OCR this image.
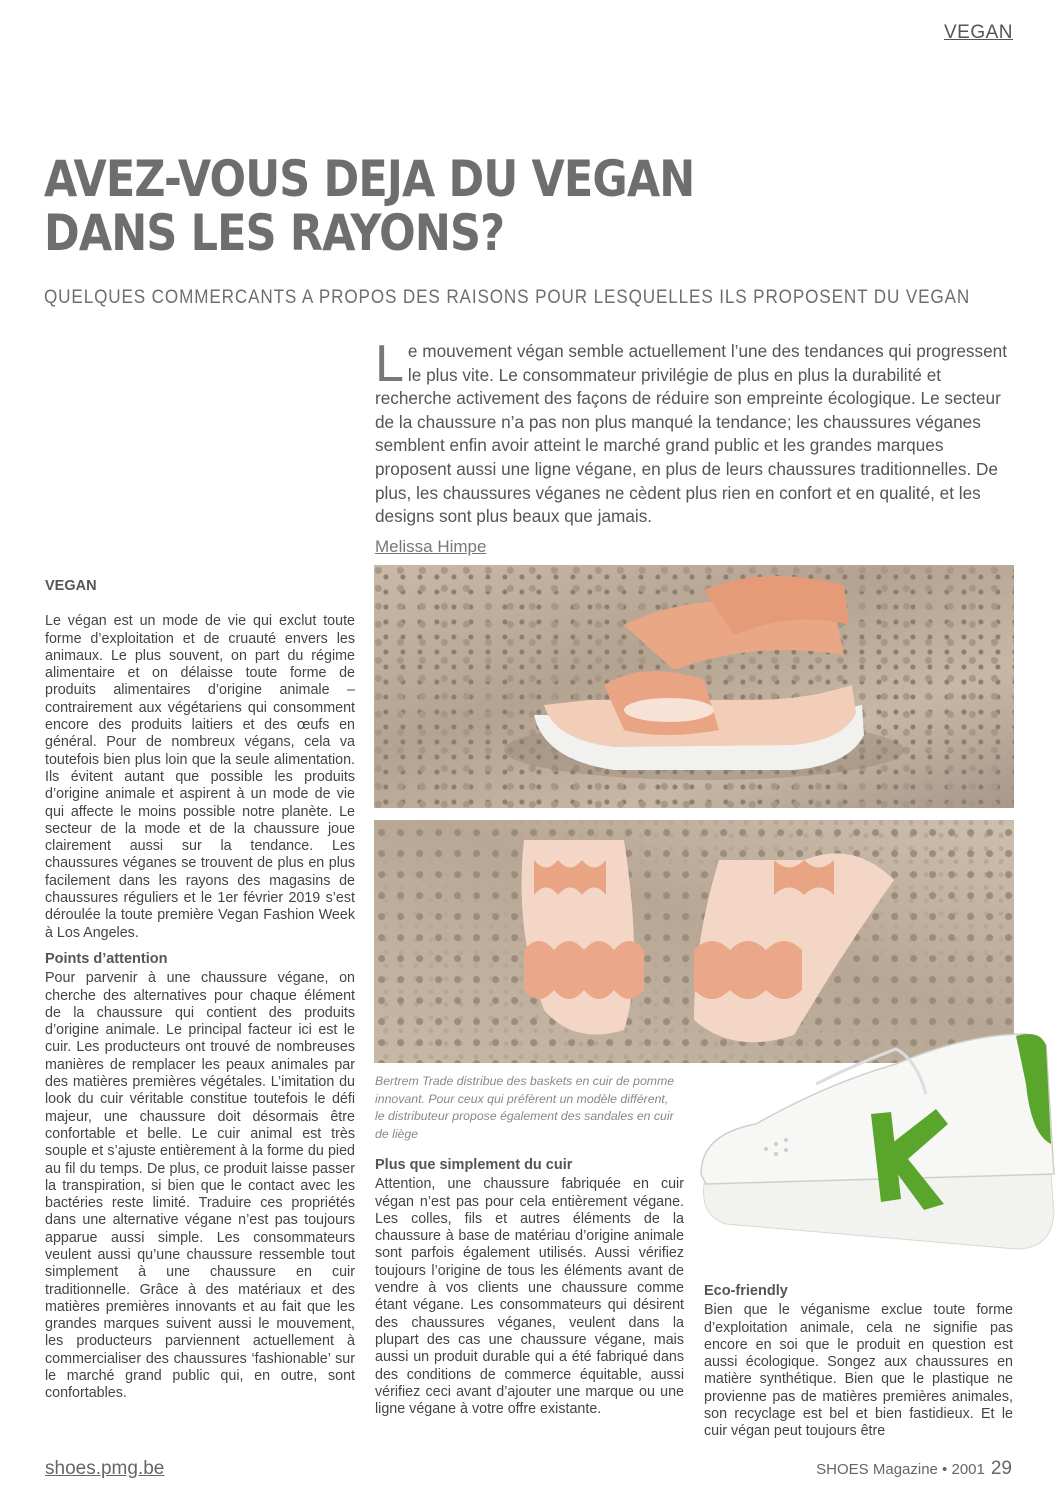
VEGAN
AVEZ-VOUS DEJA DU VEGAN
DANS LES RAYONS?
QUELQUES COMMERCANTS A PROPOS DES RAISONS POUR LESQUELLES ILS PROPOSENT DU VEGAN
L e mouvement végan semble actuellement l’une des tendances qui progressent le plus vite. Le consommateur privilégie de plus en plus la durabilité et recherche activement des façons de réduire son empreinte écologique. Le secteur de la chaussure n’a pas non plus manqué la tendance; les chaussures véganes semblent enfin avoir atteint le marché grand public et les grandes marques proposent aussi une ligne végane, en plus de leurs chaussures traditionnelles. De plus, les chaussures véganes ne cèdent plus rien en confort et en qualité, et les designs sont plus beaux que jamais.
Melissa Himpe
VEGAN

Le végan est un mode de vie qui exclut toute forme d’exploitation et de cruauté envers les animaux. Le plus souvent, on part du régime alimentaire et on délaisse toute forme de produits alimentaires d’origine animale – contrairement aux végétariens qui consomment encore des produits laitiers et des œufs en général. Pour de nombreux végans, cela va toutefois bien plus loin que la seule alimentation. Ils évitent autant que possible les produits d’origine animale et aspirent à un mode de vie qui affecte le moins possible notre planète. Le secteur de la mode et de la chaussure joue clairement aussi sur la tendance. Les chaussures véganes se trouvent de plus en plus facilement dans les rayons des magasins de chaussures réguliers et le 1er février 2019 s’est déroulée la toute première Vegan Fashion Week à Los Angeles.

Points d’attention

Pour parvenir à une chaussure végane, on cherche des alternatives pour chaque élément de la chaussure qui contient des produits d’origine animale. Le principal facteur ici est le cuir. Les producteurs ont trouvé de nombreuses manières de remplacer les peaux animales par des matières premières végétales. L’imitation du look du cuir véritable constitue toutefois le défi majeur, une chaussure doit désormais être confortable et belle. Le cuir animal est très souple et s’ajuste entièrement à la forme du pied au fil du temps. De plus, ce produit laisse passer la transpiration, si bien que le contact avec les bactéries reste limité. Traduire ces propriétés dans une alternative végane n’est pas toujours apparue aussi simple. Les consommateurs veulent aussi qu’une chaussure ressemble tout simplement à une chaussure en cuir traditionnelle. Grâce à des matériaux et des matières premières innovants et au fait que les grandes marques suivent aussi le mouvement, les producteurs parviennent actuellement à commercialiser des chaussures ‘fashionable’ sur le marché grand public qui, en outre, sont confortables.

Bertrem Trade distribue des baskets en cuir de pomme innovant. Pour ceux qui préfèrent un modèle différent, le distributeur propose également des sandales en cuir de liège
Plus que simplement du cuir

Attention, une chaussure fabriquée en cuir végan n’est pas pour cela entièrement végane. Les colles, fils et autres éléments de la chaussure à base de matériau d’origine animale sont parfois également utilisés. Aussi vérifiez toujours l’origine de tous les éléments avant de vendre à vos clients une chaussure comme étant végane. Les consommateurs qui désirent des chaussures véganes, veulent dans la plupart des cas une chaussure végane, mais aussi un produit durable qui a été fabriqué dans des conditions de commerce équitable, aussi vérifiez ceci avant d’ajouter une marque ou une ligne végane à votre offre existante.

Eco-friendly

Bien que le véganisme exclue toute forme d’exploitation animale, cela ne signifie pas encore en soi que le produit en question est aussi écologique. Songez aux chaussures en matière synthétique. Bien que le plastique ne provienne pas de matières premières animales, son recyclage est bel et bien fastidieux. Et le cuir végan peut toujours être

shoes.pmg.be	SHOES Magazine • 2001 29
